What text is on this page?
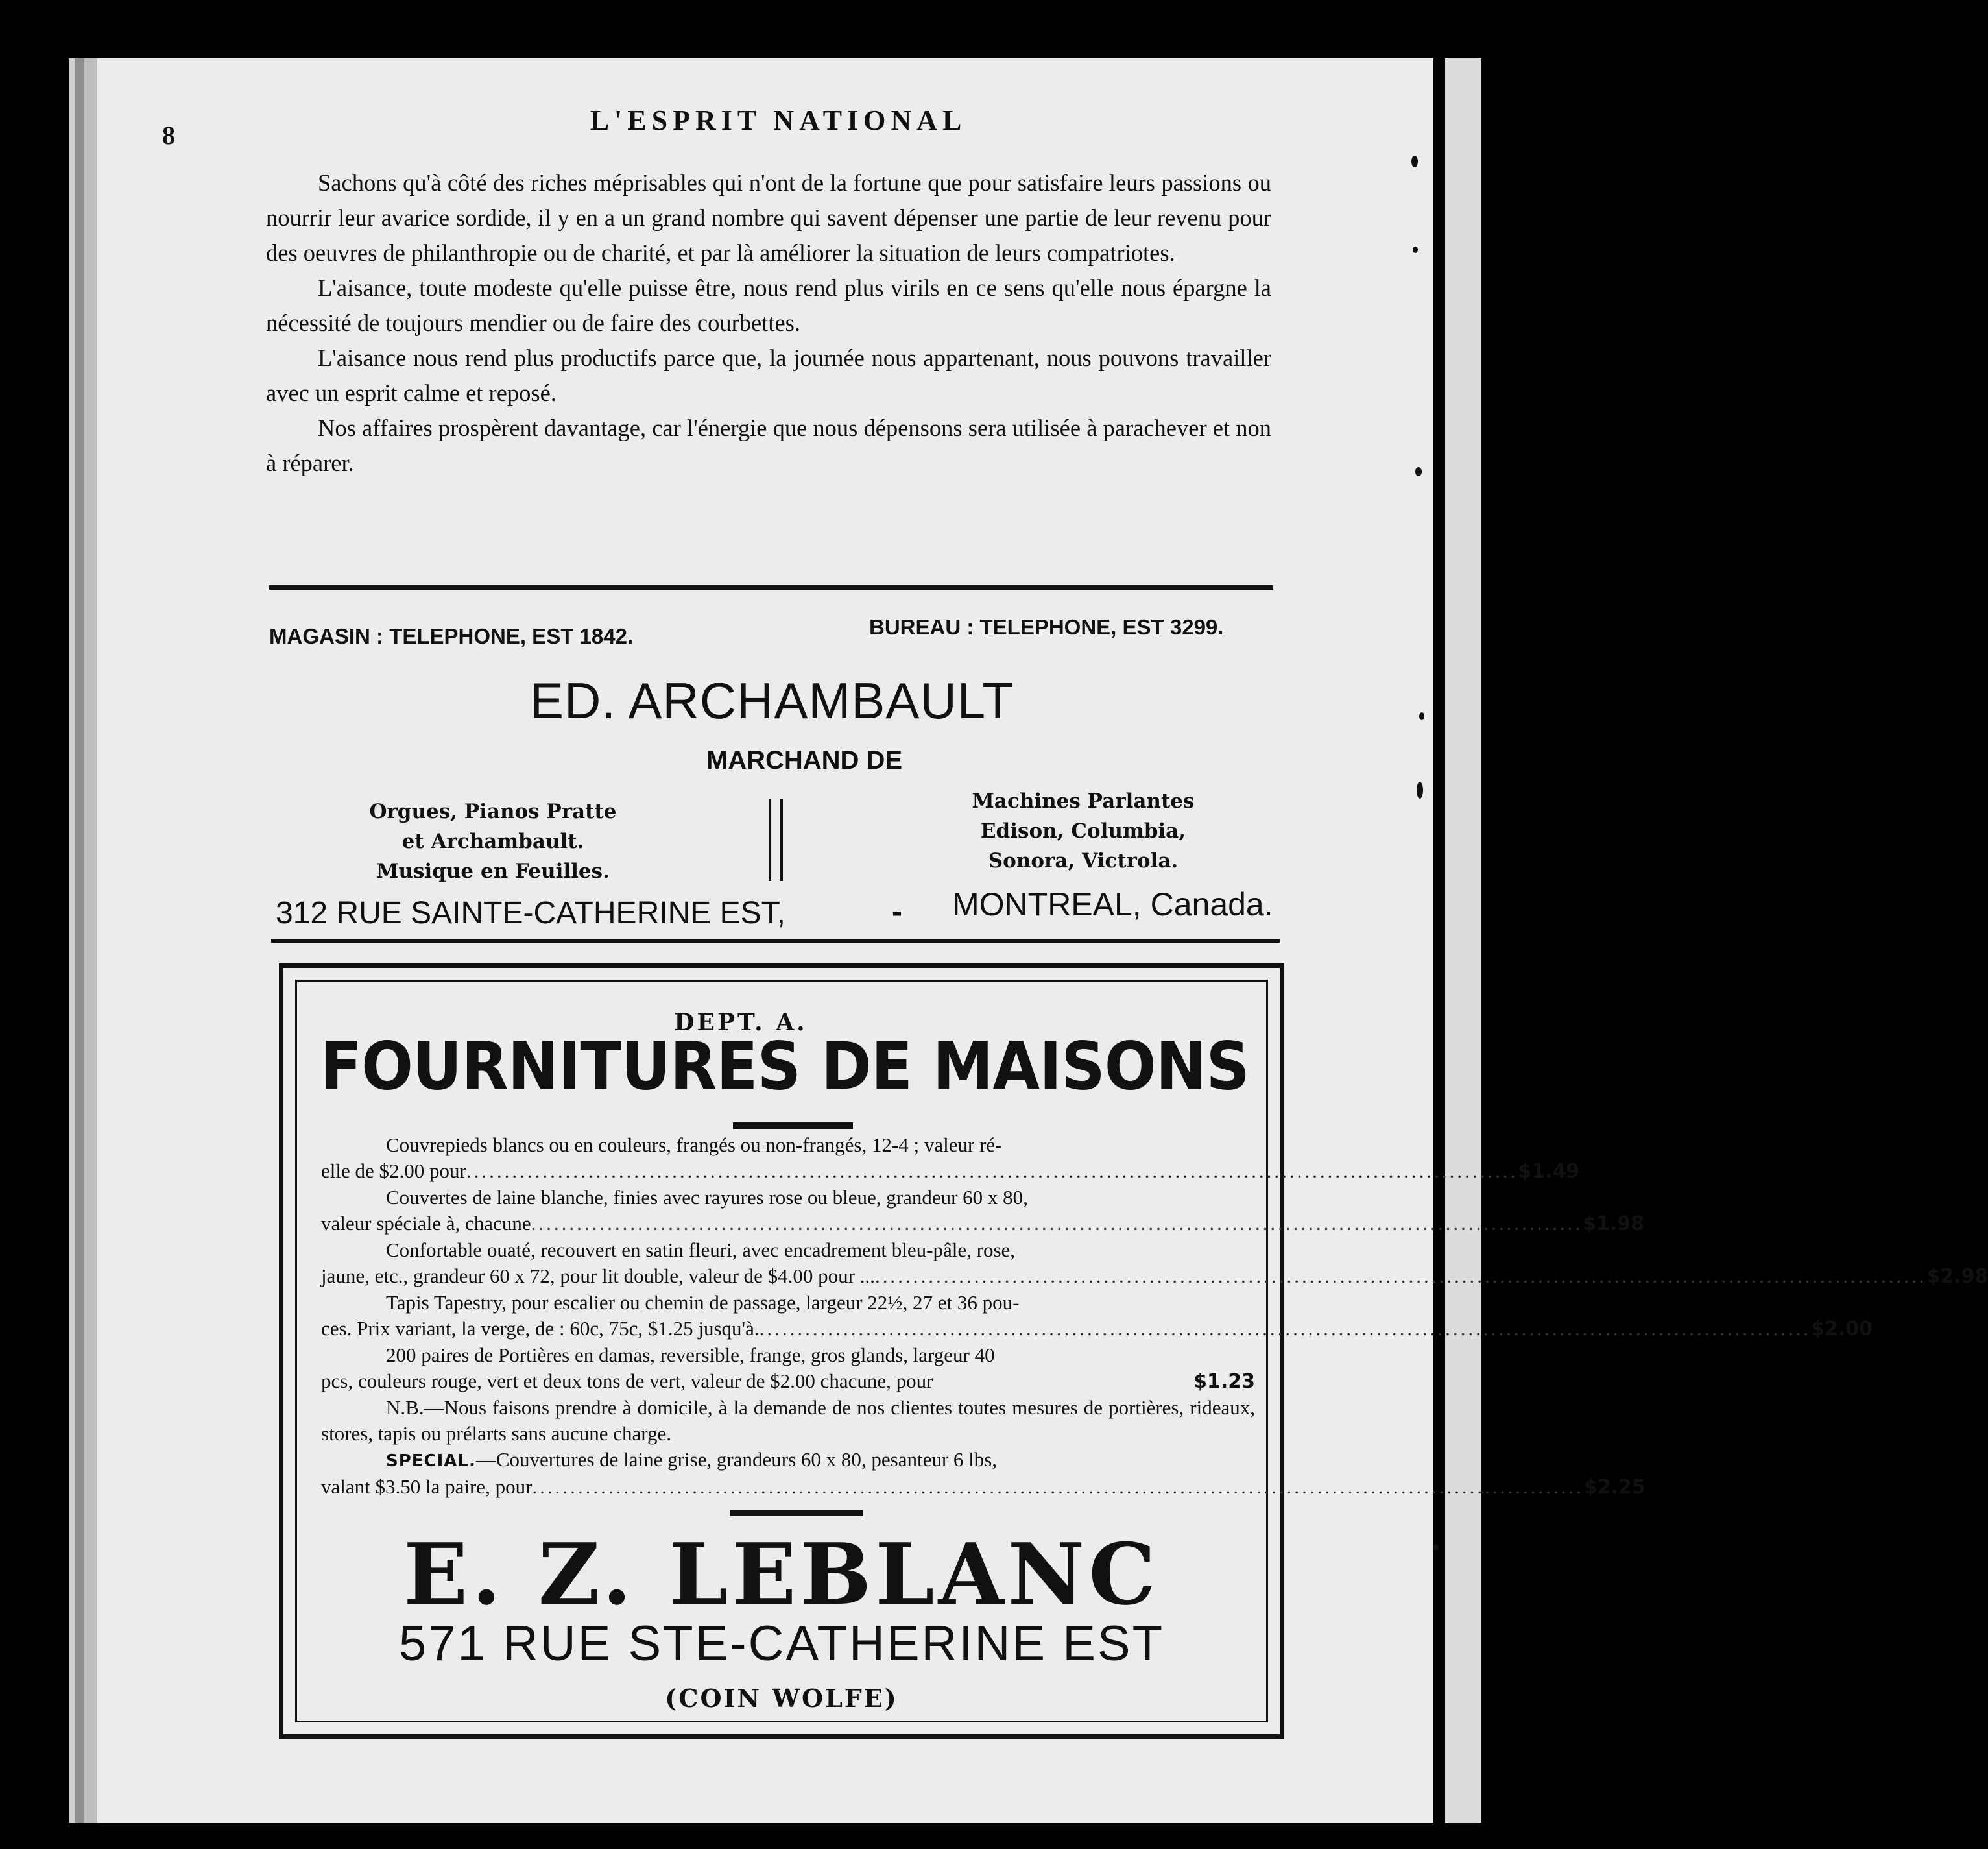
8	L'ESPRIT NATIONAL

Sachons qu'à côté des riches méprisables qui n'ont de la fortune que pour satisfaire leurs passions ou nourrir leur avarice sordide, il y en a un grand nombre qui savent dépenser une partie de leur revenu pour des oeuvres de philanthropie ou de charité, et par là améliorer la situation de leurs compatriotes.

L'aisance, toute modeste qu'elle puisse être, nous rend plus virils en ce sens qu'elle nous épargne la nécessité de toujours mendier ou de faire des courbettes.

L'aisance nous rend plus productifs parce que, la journée nous appartenant, nous pouvons travailler avec un esprit calme et reposé.

Nos affaires prospèrent davantage, car l'énergie que nous dépensons sera utilisée à parachever et non à réparer.

MAGASIN : TELEPHONE, EST 1842.	BUREAU : TELEPHONE, EST 3299.
ED. ARCHAMBAULT
MARCHAND DE
Orgues, Pianos Pratte
et Archambault.
Musique en Feuilles.
Machines Parlantes
Edison, Columbia,
Sonora, Victrola.
312 RUE SAINTE-CATHERINE EST,	- MONTREAL, Canada.
DEPT. A.
FOURNITURES DE MAISONS
Couvrepieds blancs ou en couleurs, frangés ou non-frangés, 12-4 ; valeur ré-
elle de $2.00 pour .......................................................................................................................................... $1.49
Couvertes de laine blanche, finies avec rayures rose ou bleue, grandeur 60 x 80,
valeur spéciale à, chacune .......................................................................................................................................... $1.98
Confortable ouaté, recouvert en satin fleuri, avec encadrement bleu-pâle, rose,
jaune, etc., grandeur 60 x 72, pour lit double, valeur de $4.00 pour ... .......................................................................................................................................... $2.98
Tapis Tapestry, pour escalier ou chemin de passage, largeur 22½, 27 et 36 pou-
ces. Prix variant, la verge, de : 60c, 75c, $1.25 jusqu'à. .......................................................................................................................................... $2.00
200 paires de Portières en damas, reversible, frange, gros glands, largeur 40
pcs, couleurs rouge, vert et deux tons de vert, valeur de $2.00 chacune, pour	$1.23
N.B.—Nous faisons prendre à domicile, à la demande de nos clientes toutes mesures de portières, rideaux, stores, tapis ou prélarts sans aucune charge.
SPECIAL.—Couvertures de laine grise, grandeurs 60 x 80, pesanteur 6 lbs,
valant $3.50 la paire, pour .......................................................................................................................................... $2.25
E. Z. LEBLANC
571 RUE STE-CATHERINE EST
(COIN WOLFE)
